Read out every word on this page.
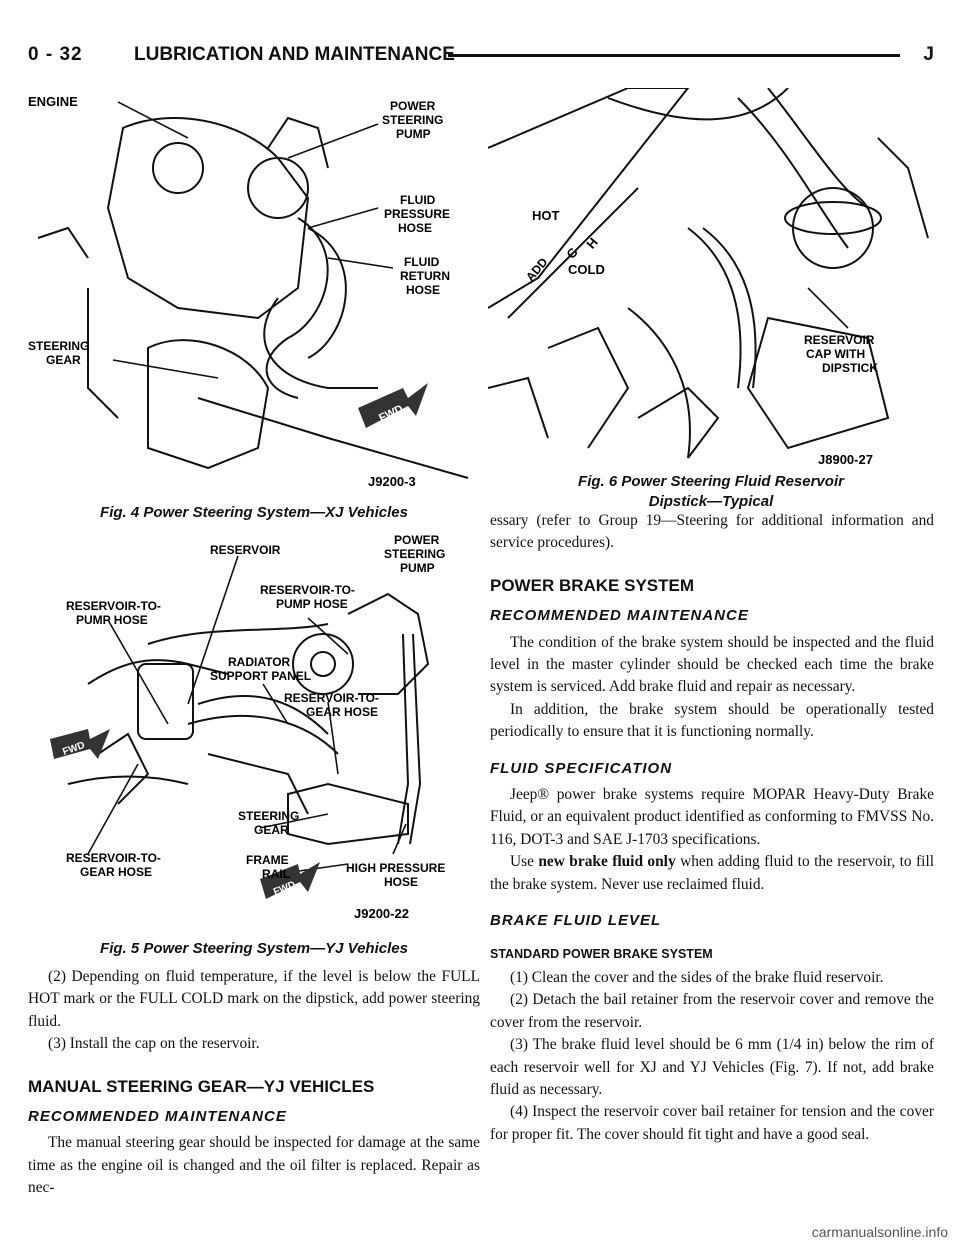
0 - 32	LUBRICATION AND MAINTENANCE	J
ENGINE	POWER
STEERING
PUMP
FLUID
PRESSURE
HOSE
FLUID
RETURN
HOSE
STEERING
GEAR
FWD
J9200-3
Fig. 4 Power Steering System—XJ Vehicles
RESERVOIR
POWER
STEERING
PUMP
RESERVOIR-TO-
PUMP HOSE
RESERVOIR-TO-
PUMP HOSE
RADIATOR
SUPPORT PANEL
RESERVOIR-TO-
GEAR HOSE
STEERING
GEAR
FRAME
RAIL
RESERVOIR-TO-
GEAR HOSE	HIGH PRESSURE
HOSE
FWD
FWD
J9200-22
Fig. 5 Power Steering System—YJ Vehicles

(2) Depending on fluid temperature, if the level is below the FULL HOT mark or the FULL COLD mark on the dipstick, add power steering fluid.

(3) Install the cap on the reservoir.

MANUAL STEERING GEAR—YJ VEHICLES
RECOMMENDED MAINTENANCE

The manual steering gear should be inspected for damage at the same time as the engine oil is changed and the oil filter is replaced. Repair as nec-

HOT
H
C
ADD COLD
RESERVOIR
CAP WITH
DIPSTICK
J8900-27
Fig. 6 Power Steering Fluid Reservoir
Dipstick—Typical

essary (refer to Group 19—Steering for additional information and service procedures).

POWER BRAKE SYSTEM
RECOMMENDED MAINTENANCE

The condition of the brake system should be inspected and the fluid level in the master cylinder should be checked each time the brake system is serviced. Add brake fluid and repair as necessary.

In addition, the brake system should be operationally tested periodically to ensure that it is functioning normally.

FLUID SPECIFICATION

Jeep® power brake systems require MOPAR Heavy-Duty Brake Fluid, or an equivalent product identified as conforming to FMVSS No. 116, DOT-3 and SAE J-1703 specifications.

Use new brake fluid only when adding fluid to the reservoir, to fill the brake system. Never use reclaimed fluid.

BRAKE FLUID LEVEL
STANDARD POWER BRAKE SYSTEM

(1) Clean the cover and the sides of the brake fluid reservoir.

(2) Detach the bail retainer from the reservoir cover and remove the cover from the reservoir.

(3) The brake fluid level should be 6 mm (1/4 in) below the rim of each reservoir well for XJ and YJ Vehicles (Fig. 7). If not, add brake fluid as necessary.

(4) Inspect the reservoir cover bail retainer for tension and the cover for proper fit. The cover should fit tight and have a good seal.

carmanualsonline.info
